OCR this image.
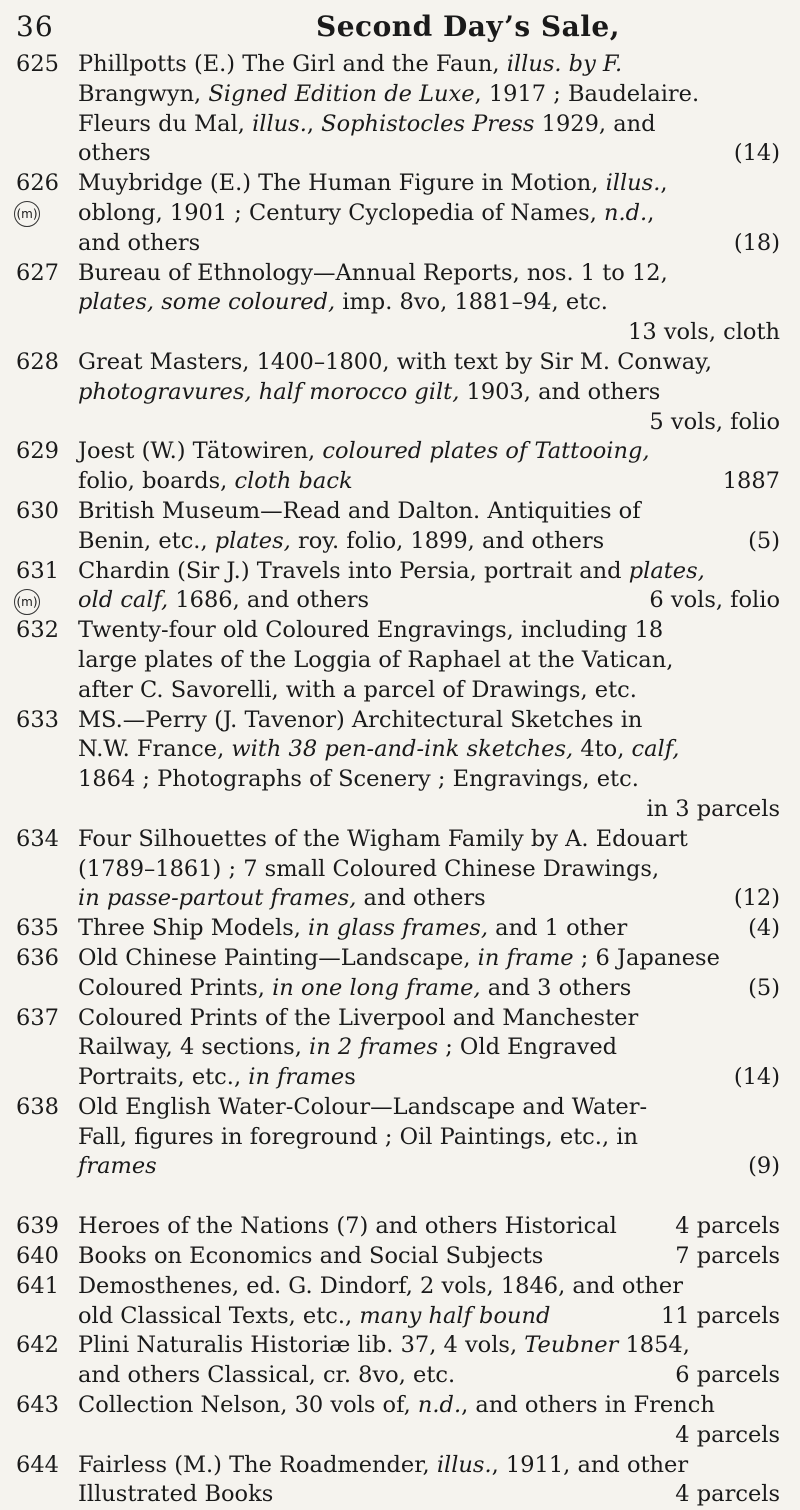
36	Second Day’s Sale,
625 Phillpotts (E.) The Girl and the Faun, illus. by F.
Brangwyn, Signed Edition de Luxe, 1917 ; Baudelaire.
Fleurs du Mal, illus., Sophistocles Press 1929, and
others	(14)
626
(m)
Muybridge (E.) The Human Figure in Motion, illus.,
oblong, 1901 ; Century Cyclopedia of Names, n.d.,
and others	(18)
627 Bureau of Ethnology—Annual Reports, nos. 1 to 12,
plates, some coloured, imp. 8vo, 1881–94, etc.
13 vols, cloth
628 Great Masters, 1400–1800, with text by Sir M. Conway,
photogravures, half morocco gilt, 1903, and others
5 vols, folio
629 Joest (W.) Tätowiren, coloured plates of Tattooing,
folio, boards, cloth back	1887
630 British Museum—Read and Dalton. Antiquities of
Benin, etc., plates, roy. folio, 1899, and others	(5)
631
(m)
Chardin (Sir J.) Travels into Persia, portrait and plates,
old calf, 1686, and others	6 vols, folio
632 Twenty-four old Coloured Engravings, including 18
large plates of the Loggia of Raphael at the Vatican,
after C. Savorelli, with a parcel of Drawings, etc.
633 MS.—Perry (J. Tavenor) Architectural Sketches in
N.W. France, with 38 pen-and-ink sketches, 4to, calf,
1864 ; Photographs of Scenery ; Engravings, etc.
in 3 parcels
634 Four Silhouettes of the Wigham Family by A. Edouart
(1789–1861) ; 7 small Coloured Chinese Drawings,
in passe-partout frames, and others	(12)
635 Three Ship Models, in glass frames, and 1 other	(4)
636 Old Chinese Painting—Landscape, in frame ; 6 Japanese
Coloured Prints, in one long frame, and 3 others	(5)
637 Coloured Prints of the Liverpool and Manchester
Railway, 4 sections, in 2 frames ; Old Engraved
Portraits, etc., in frames	(14)
638 Old English Water-Colour—Landscape and Water-
Fall, figures in foreground ; Oil Paintings, etc., in
frames	(9)
639 Heroes of the Nations (7) and others Historical	4 parcels
640 Books on Economics and Social Subjects	7 parcels
641 Demosthenes, ed. G. Dindorf, 2 vols, 1846, and other
old Classical Texts, etc., many half bound	11 parcels
642 Plini Naturalis Historiæ lib. 37, 4 vols, Teubner 1854,
and others Classical, cr. 8vo, etc.	6 parcels
643 Collection Nelson, 30 vols of, n.d., and others in French
4 parcels
644 Fairless (M.) The Roadmender, illus., 1911, and other
Illustrated Books	4 parcels
